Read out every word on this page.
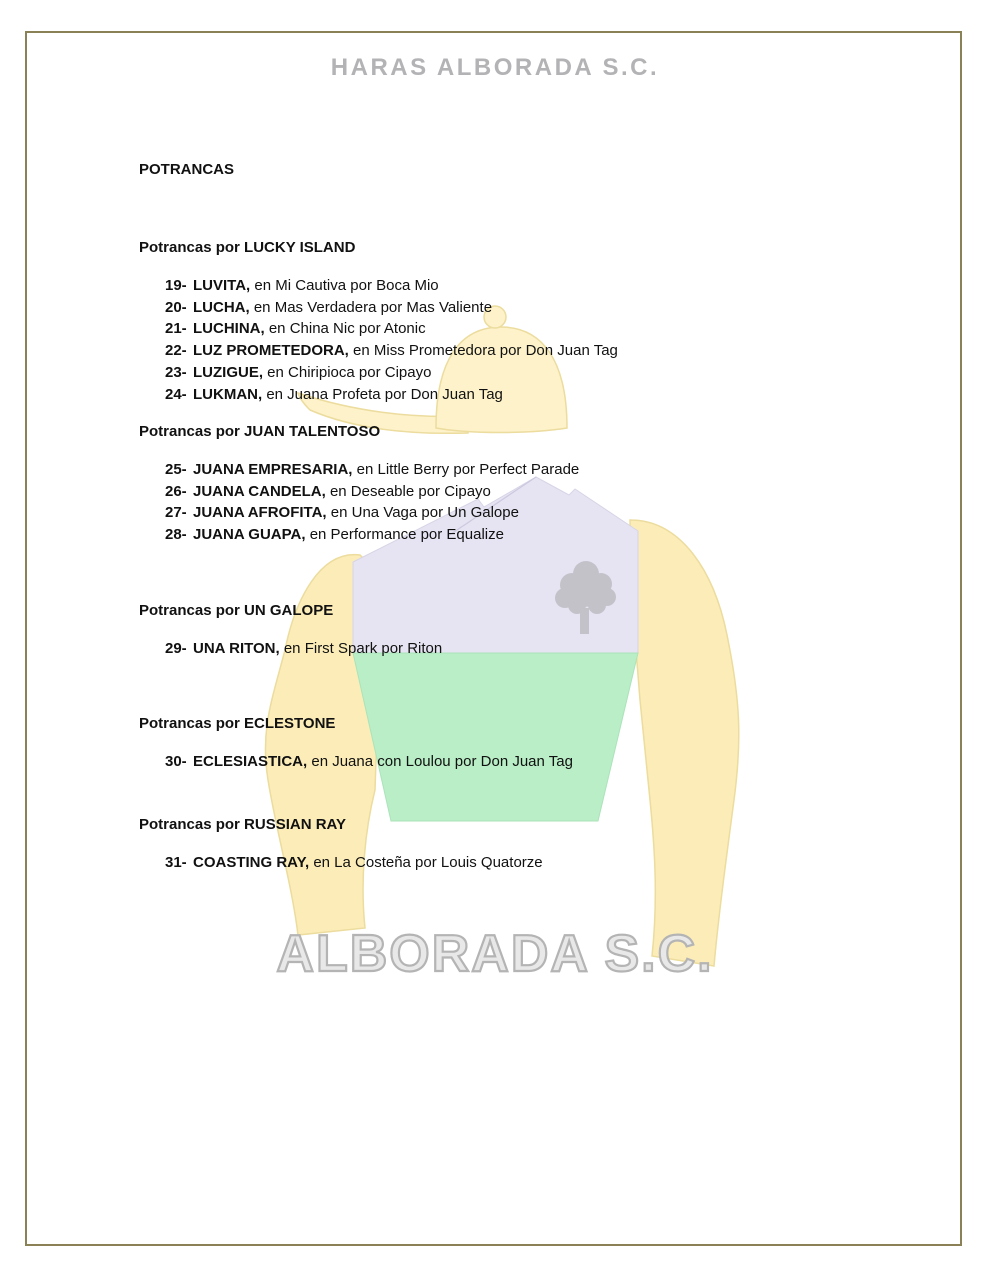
HARAS ALBORADA S.C.
POTRANCAS
Potrancas por LUCKY ISLAND
19- LUVITA, en Mi Cautiva por Boca Mio
20- LUCHA, en Mas Verdadera por Mas Valiente
21- LUCHINA, en China Nic por Atonic
22- LUZ PROMETEDORA, en Miss Prometedora por Don Juan Tag
23- LUZIGUE, en Chiripioca por Cipayo
24- LUKMAN, en Juana Profeta por Don Juan Tag
Potrancas por JUAN TALENTOSO
25- JUANA EMPRESARIA, en Little Berry por Perfect Parade
26- JUANA CANDELA, en Deseable por Cipayo
27- JUANA AFROFITA, en Una Vaga por Un Galope
28- JUANA GUAPA, en Performance por Equalize
Potrancas por UN GALOPE
29- UNA RITON, en First Spark por Riton
Potrancas por ECLESTONE
30- ECLESIASTICA, en Juana con Loulou por Don Juan Tag
Potrancas por RUSSIAN RAY
31- COASTING RAY, en La Costeña por Louis Quatorze
ALBORADA S.C.
